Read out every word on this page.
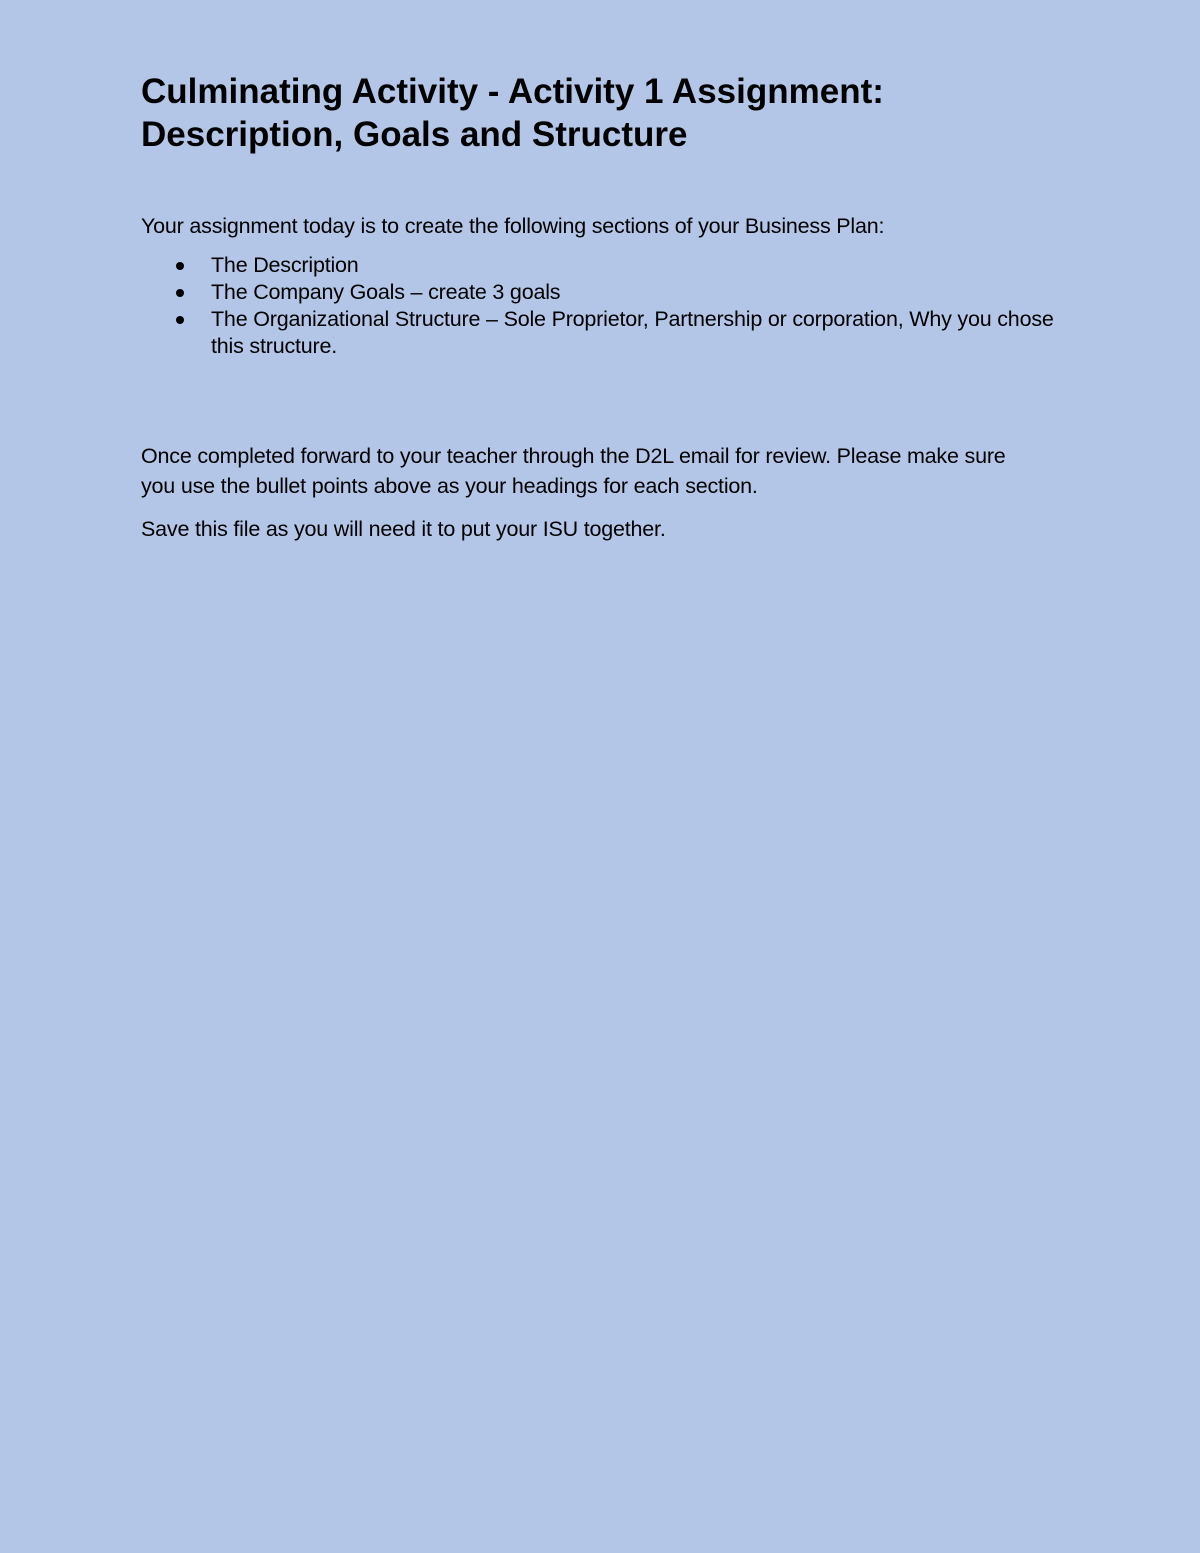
Culminating Activity - Activity 1 Assignment:
Description, Goals and Structure

Your assignment today is to create the following sections of your Business Plan:

The Description
The Company Goals – create 3 goals
The Organizational Structure – Sole Proprietor, Partnership or corporation, Why you chose this structure.

Once completed forward to your teacher through the D2L email for review. Please make sure you use the bullet points above as your headings for each section.

Save this file as you will need it to put your ISU together.
